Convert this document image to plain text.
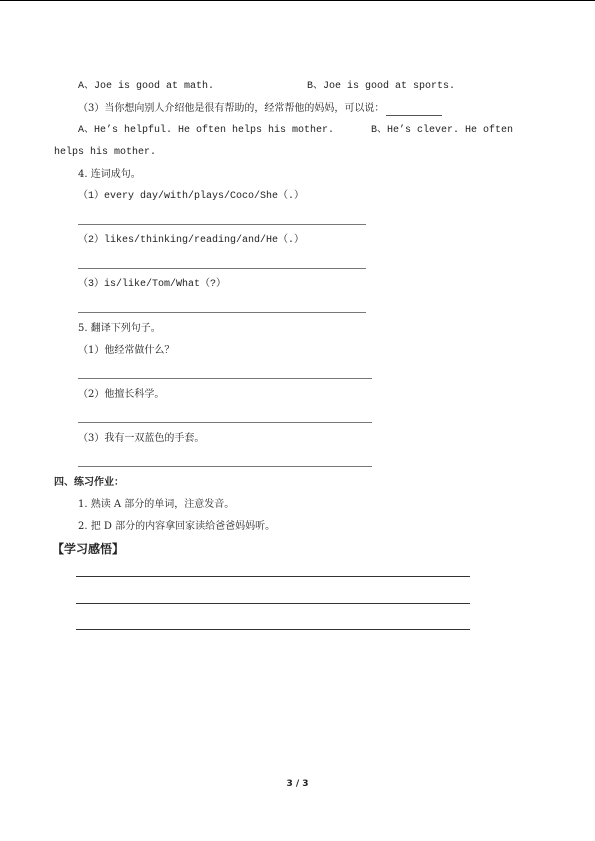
A、Joe is good at math.	B、Joe is good at sports.
（3）当你想向别人介绍他是很有帮助的，经常帮他的妈妈，可以说：
A、He’s helpful. He often helps his mother.	B、He’s clever. He often
helps his mother.
4. 连词成句。
（1）every day/with/plays/Coco/She（.）
（2）likes/thinking/reading/and/He（.）
（3）is/like/Tom/What（?）
5. 翻译下列句子。
（1）他经常做什么？
（2）他擅长科学。
（3）我有一双蓝色的手套。
四、练习作业：
1. 熟读 A 部分的单词，注意发音。
2. 把 D 部分的内容拿回家读给爸爸妈妈听。
【学习感悟】
3 / 3
